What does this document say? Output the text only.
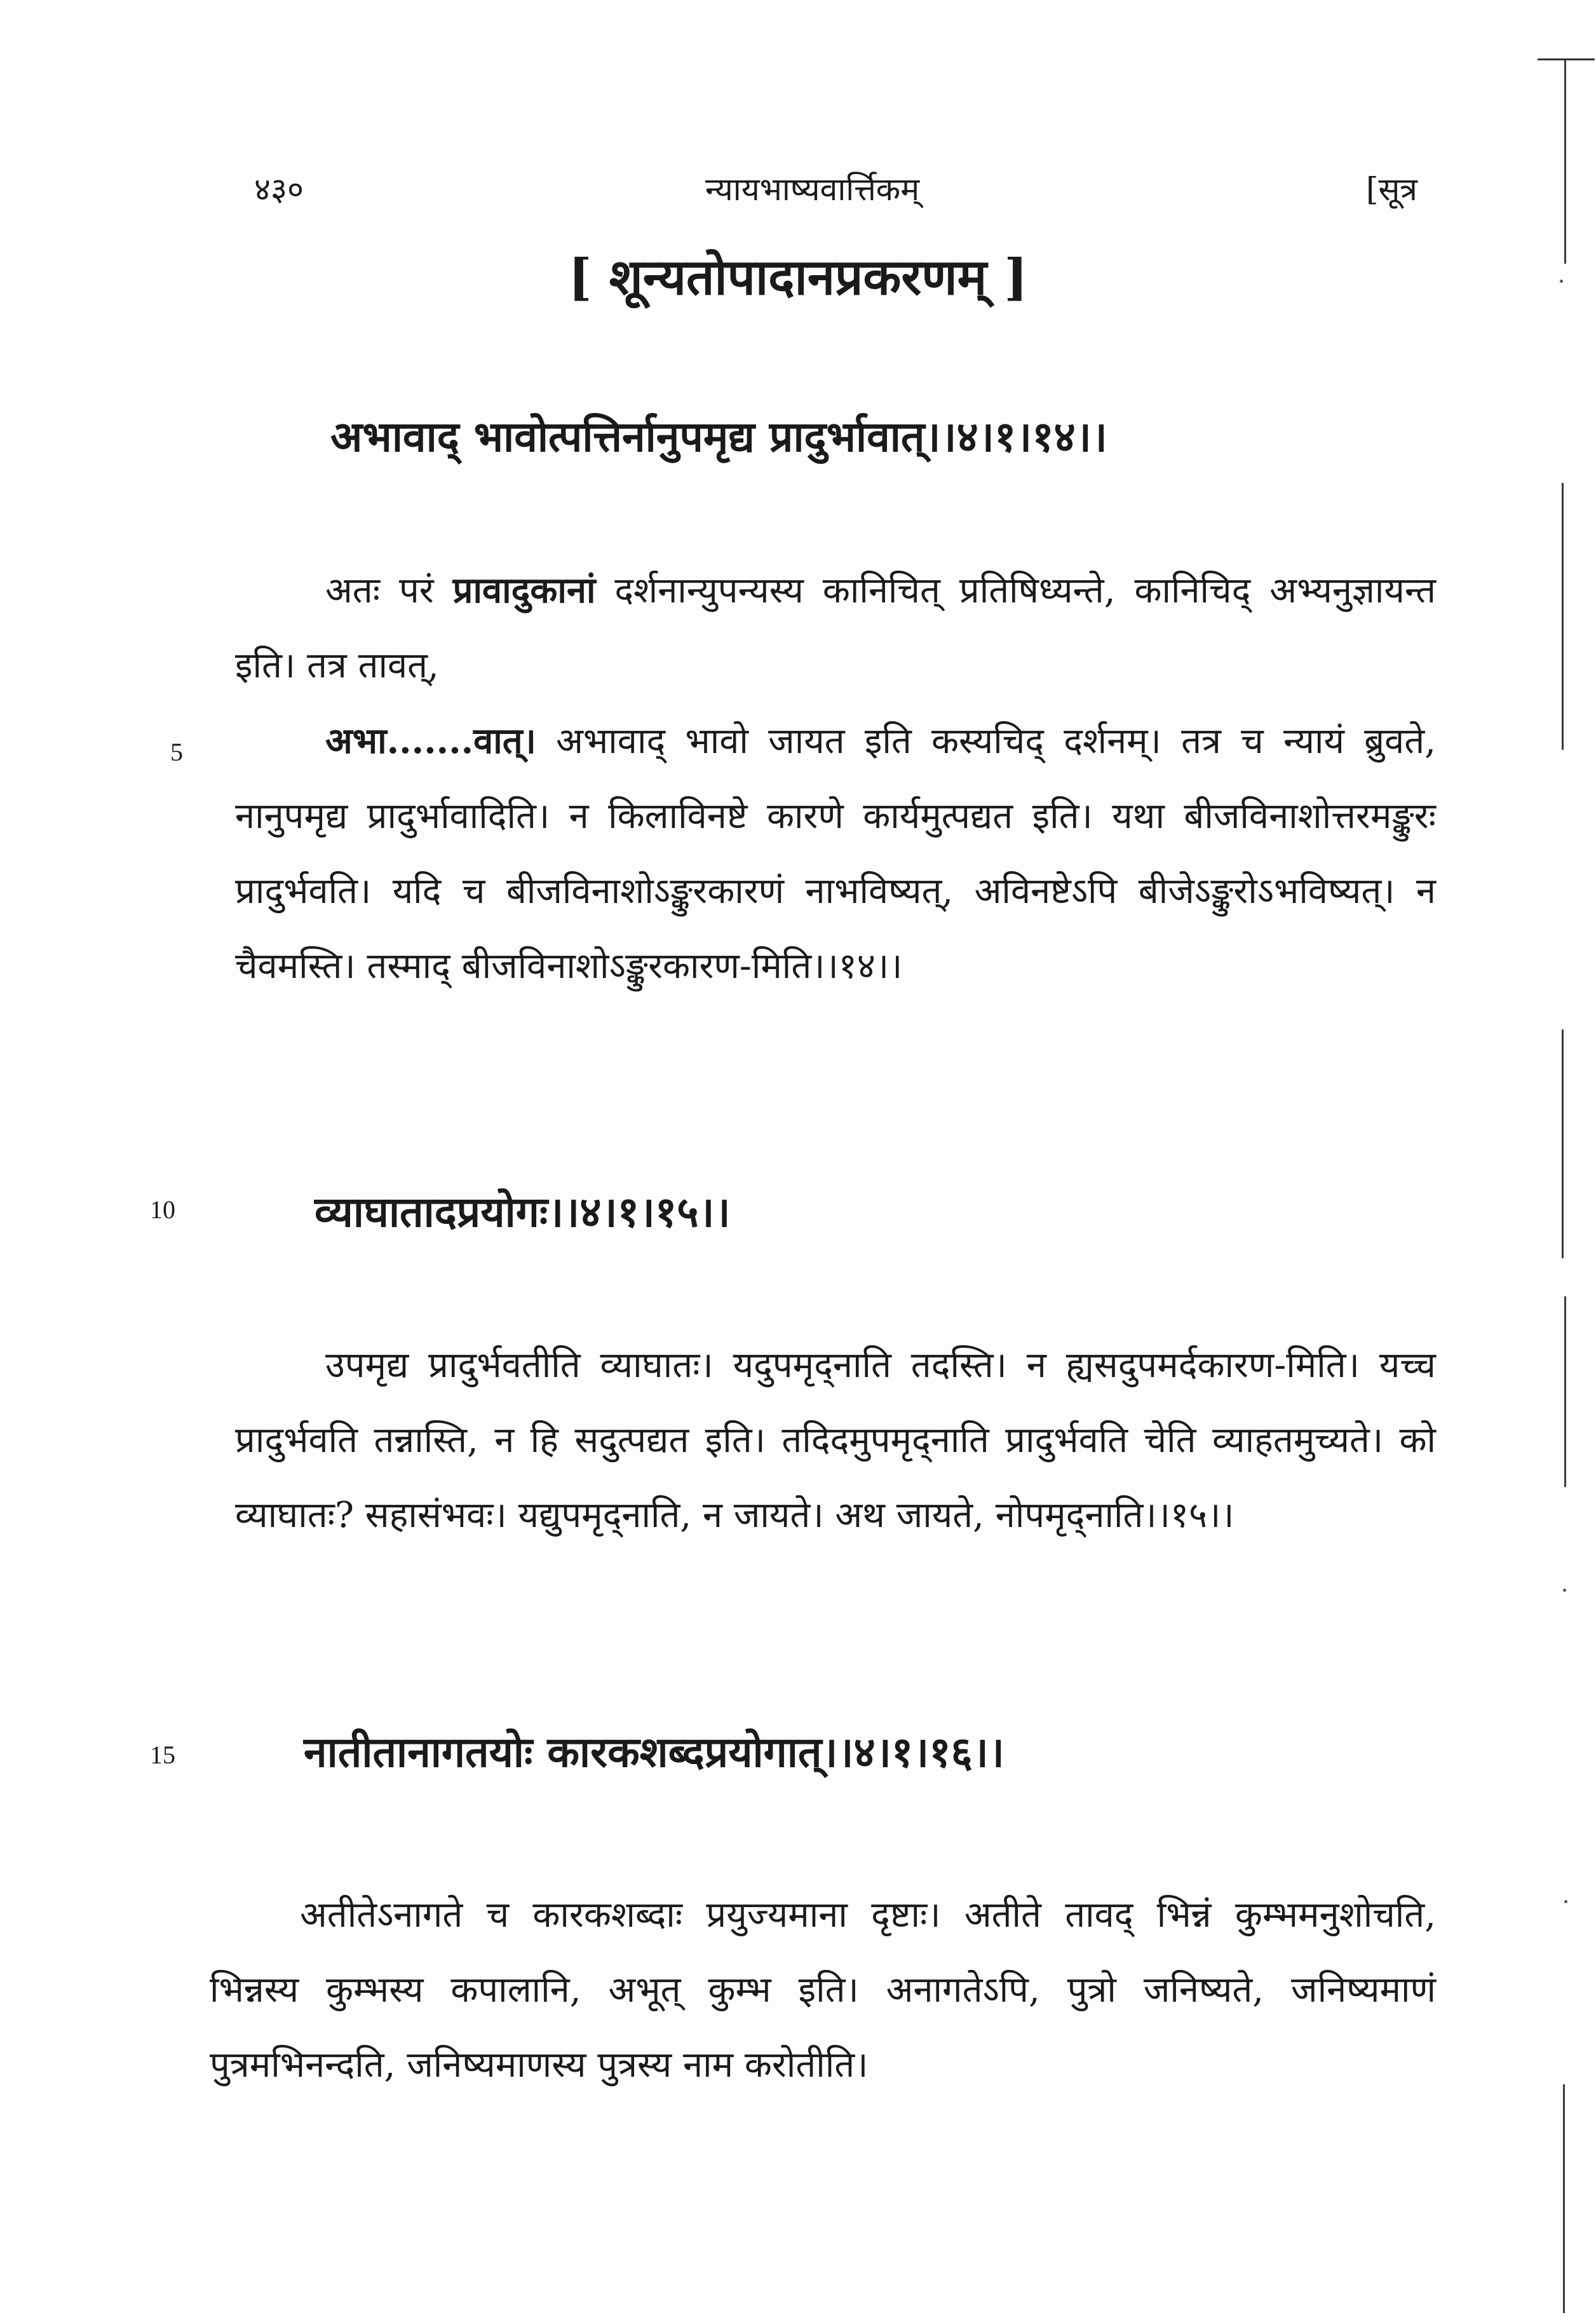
४३०	न्यायभाष्यवार्त्तिकम्	[सूत्र
[ शून्यतोपादानप्रकरणम् ]
अभावाद् भावोत्पत्तिर्नानुपमृद्य प्रादुर्भावात्।।४।१।१४।।

अतः परं प्रावादुकानां दर्शनान्युपन्यस्य कानिचित् प्रतिषिध्यन्ते, कानिचिद् अभ्यनुज्ञायन्त इति। तत्र तावत्,

अभा.......वात्। अभावाद् भावो जायत इति कस्यचिद् दर्शनम्। तत्र च न्यायं ब्रुवते, नानुपमृद्य प्रादुर्भावादिति। न किलाविनष्टे कारणे कार्यमुत्पद्यत इति। यथा बीजविनाशोत्तरमङ्कुरः प्रादुर्भवति। यदि च बीजविनाशोऽङ्कुरकारणं नाभविष्यत्, अविनष्टेऽपि बीजेऽङ्कुरोऽभविष्यत्। न चैवमस्ति। तस्माद् बीजविनाशोऽङ्कुरकारण-मिति।।१४।।

5
10	व्याघातादप्रयोगः।।४।१।१५।।

उपमृद्य प्रादुर्भवतीति व्याघातः। यदुपमृद्नाति तदस्ति। न ह्यसदुपमर्दकारण-मिति। यच्च प्रादुर्भवति तन्नास्ति, न हि सदुत्पद्यत इति। तदिदमुपमृद्नाति प्रादुर्भवति चेति व्याहतमुच्यते। को व्याघातः? सहासंभवः। यद्युपमृद्नाति, न जायते। अथ जायते, नोपमृद्नाति।।१५।।

15	नातीतानागतयोः कारकशब्दप्रयोगात्।।४।१।१६।।

अतीतेऽनागते च कारकशब्दाः प्रयुज्यमाना दृष्टाः। अतीते तावद् भिन्नं कुम्भमनुशोचति, भिन्नस्य कुम्भस्य कपालानि, अभूत् कुम्भ इति। अनागतेऽपि, पुत्रो जनिष्यते, जनिष्यमाणं पुत्रमभिनन्दति, जनिष्यमाणस्य पुत्रस्य नाम करोतीति।
